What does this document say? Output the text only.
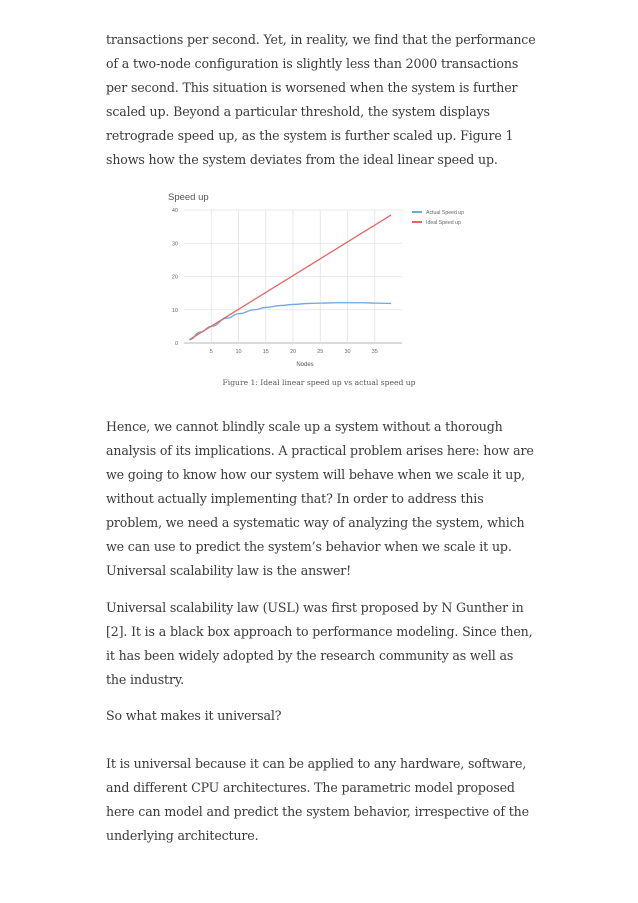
transactions per second. Yet, in reality, we find that the performance of a two-node configuration is slightly less than 2000 transactions per second. This situation is worsened when the system is further scaled up. Beyond a particular threshold, the system displays retrograde speed up, as the system is further scaled up. Figure 1 shows how the system deviates from the ideal linear speed up.

0
10
20
30
40
5	10	15	20	25	30	35
Speed up
Nodes
Actual Speed up
Ideal Speed up
Figure 1: Ideal linear speed up vs actual speed up

Hence, we cannot blindly scale up a system without a thorough analysis of its implications. A practical problem arises here: how are we going to know how our system will behave when we scale it up, without actually implementing that? In order to address this problem, we need a systematic way of analyzing the system, which we can use to predict the system’s behavior when we scale it up. Universal scalability law is the answer!

Universal scalability law (USL) was first proposed by N Gunther in [2]. It is a black box approach to performance modeling. Since then, it has been widely adopted by the research community as well as the industry.

So what makes it universal?

It is universal because it can be applied to any hardware, software, and different CPU architectures. The parametric model proposed here can model and predict the system behavior, irrespective of the underlying architecture.
